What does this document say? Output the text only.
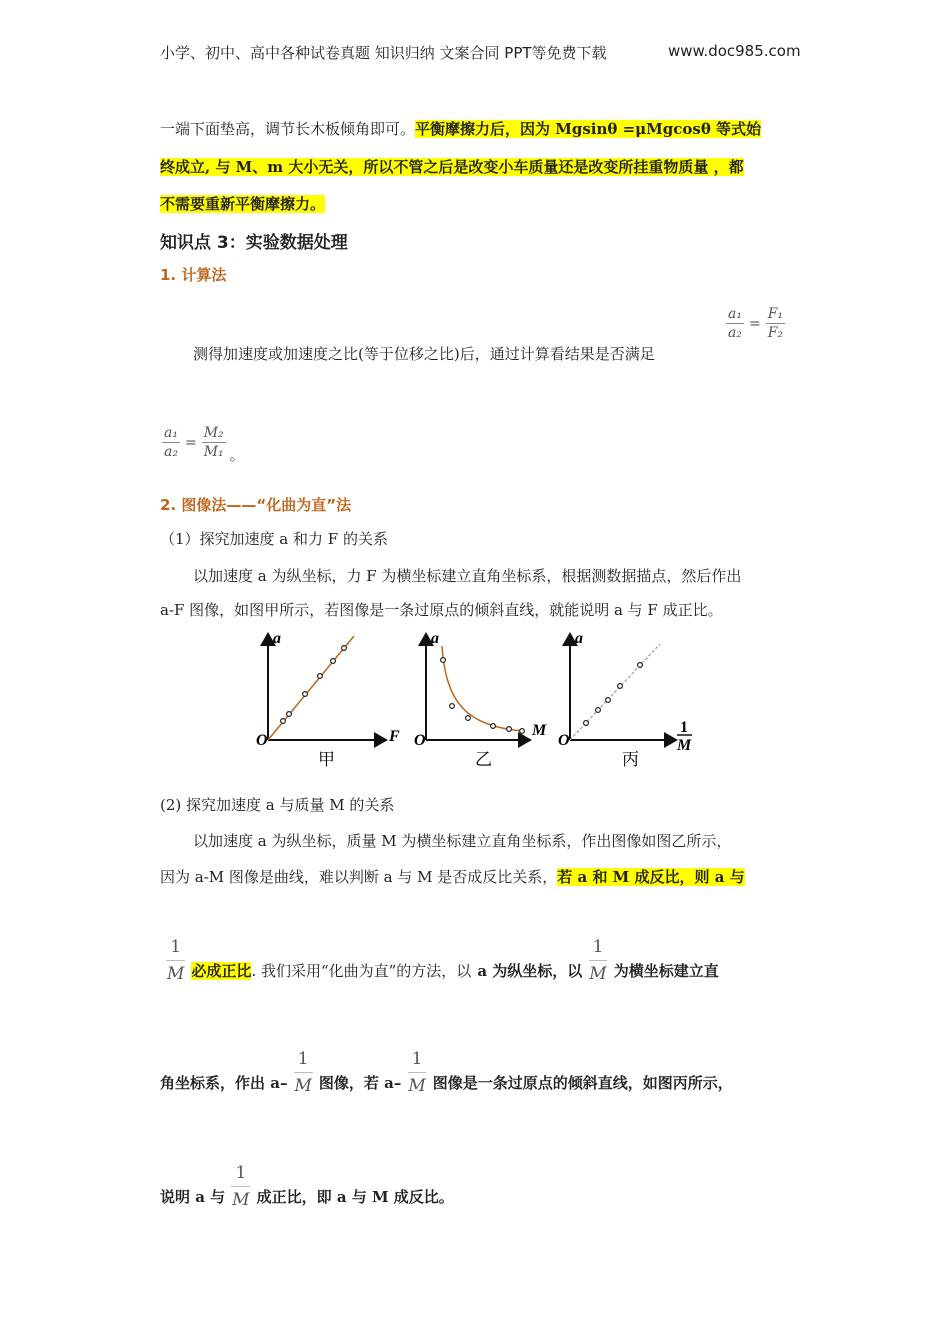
小学、初中、高中各种试卷真题 知识归纳 文案合同 PPT等免费下载	www.doc985.com
一端下面垫高，调节长木板倾角即可。平衡摩擦力后，因为 Mgsinθ =μMgcosθ 等式始
终成立, 与 M、m 大小无关，所以不管之后是改变小车质量还是改变所挂重物质量 ，都
不需要重新平衡摩擦力。
知识点 3：实验数据处理
1. 计算法
$\frac{\text{a₁}}{\text{a₂}} = \frac{\text{F₁}}{\text{F₂}}$
测得加速度或加速度之比(等于位移之比)后，通过计算看结果是否满足
$\frac{\text{a₁}}{\text{a₂}} = \frac{\text{M₂}}{\text{M₁}}$ 。
2. 图像法——“化曲为直”法
（1）探究加速度 a 和力 F 的关系
以加速度 a 为纵坐标，力 F 为横坐标建立直角坐标系，根据测数据描点，然后作出
a-F 图像，如图甲所示，若图像是一条过原点的倾斜直线，就能说明 a 与 F 成正比。
O
a
F
甲
O
a
M
乙
O
a
1
M
丙
(2) 探究加速度 a 与质量 M 的关系
以加速度 a 为纵坐标，质量 M 为横坐标建立直角坐标系，作出图像如图乙所示，
因为 a-M 图像是曲线，难以判断 a 与 M 是否成反比关系，若 a 和 M 成反比，则 a 与
$\frac{1}{M}$ 必成正比. 我们采用“化曲为直”的方法，以 a 为纵坐标，以 $\frac{1}{M}$ 为横坐标建立直
角坐标系，作出 $a- \frac{1}{M}$ 图像，若 $a- \frac{1}{M}$ 图像是一条过原点的倾斜直线，如图丙所示，
说明 a 与 $\frac{1}{M}$ 成正比，即 a 与 M 成反比。
